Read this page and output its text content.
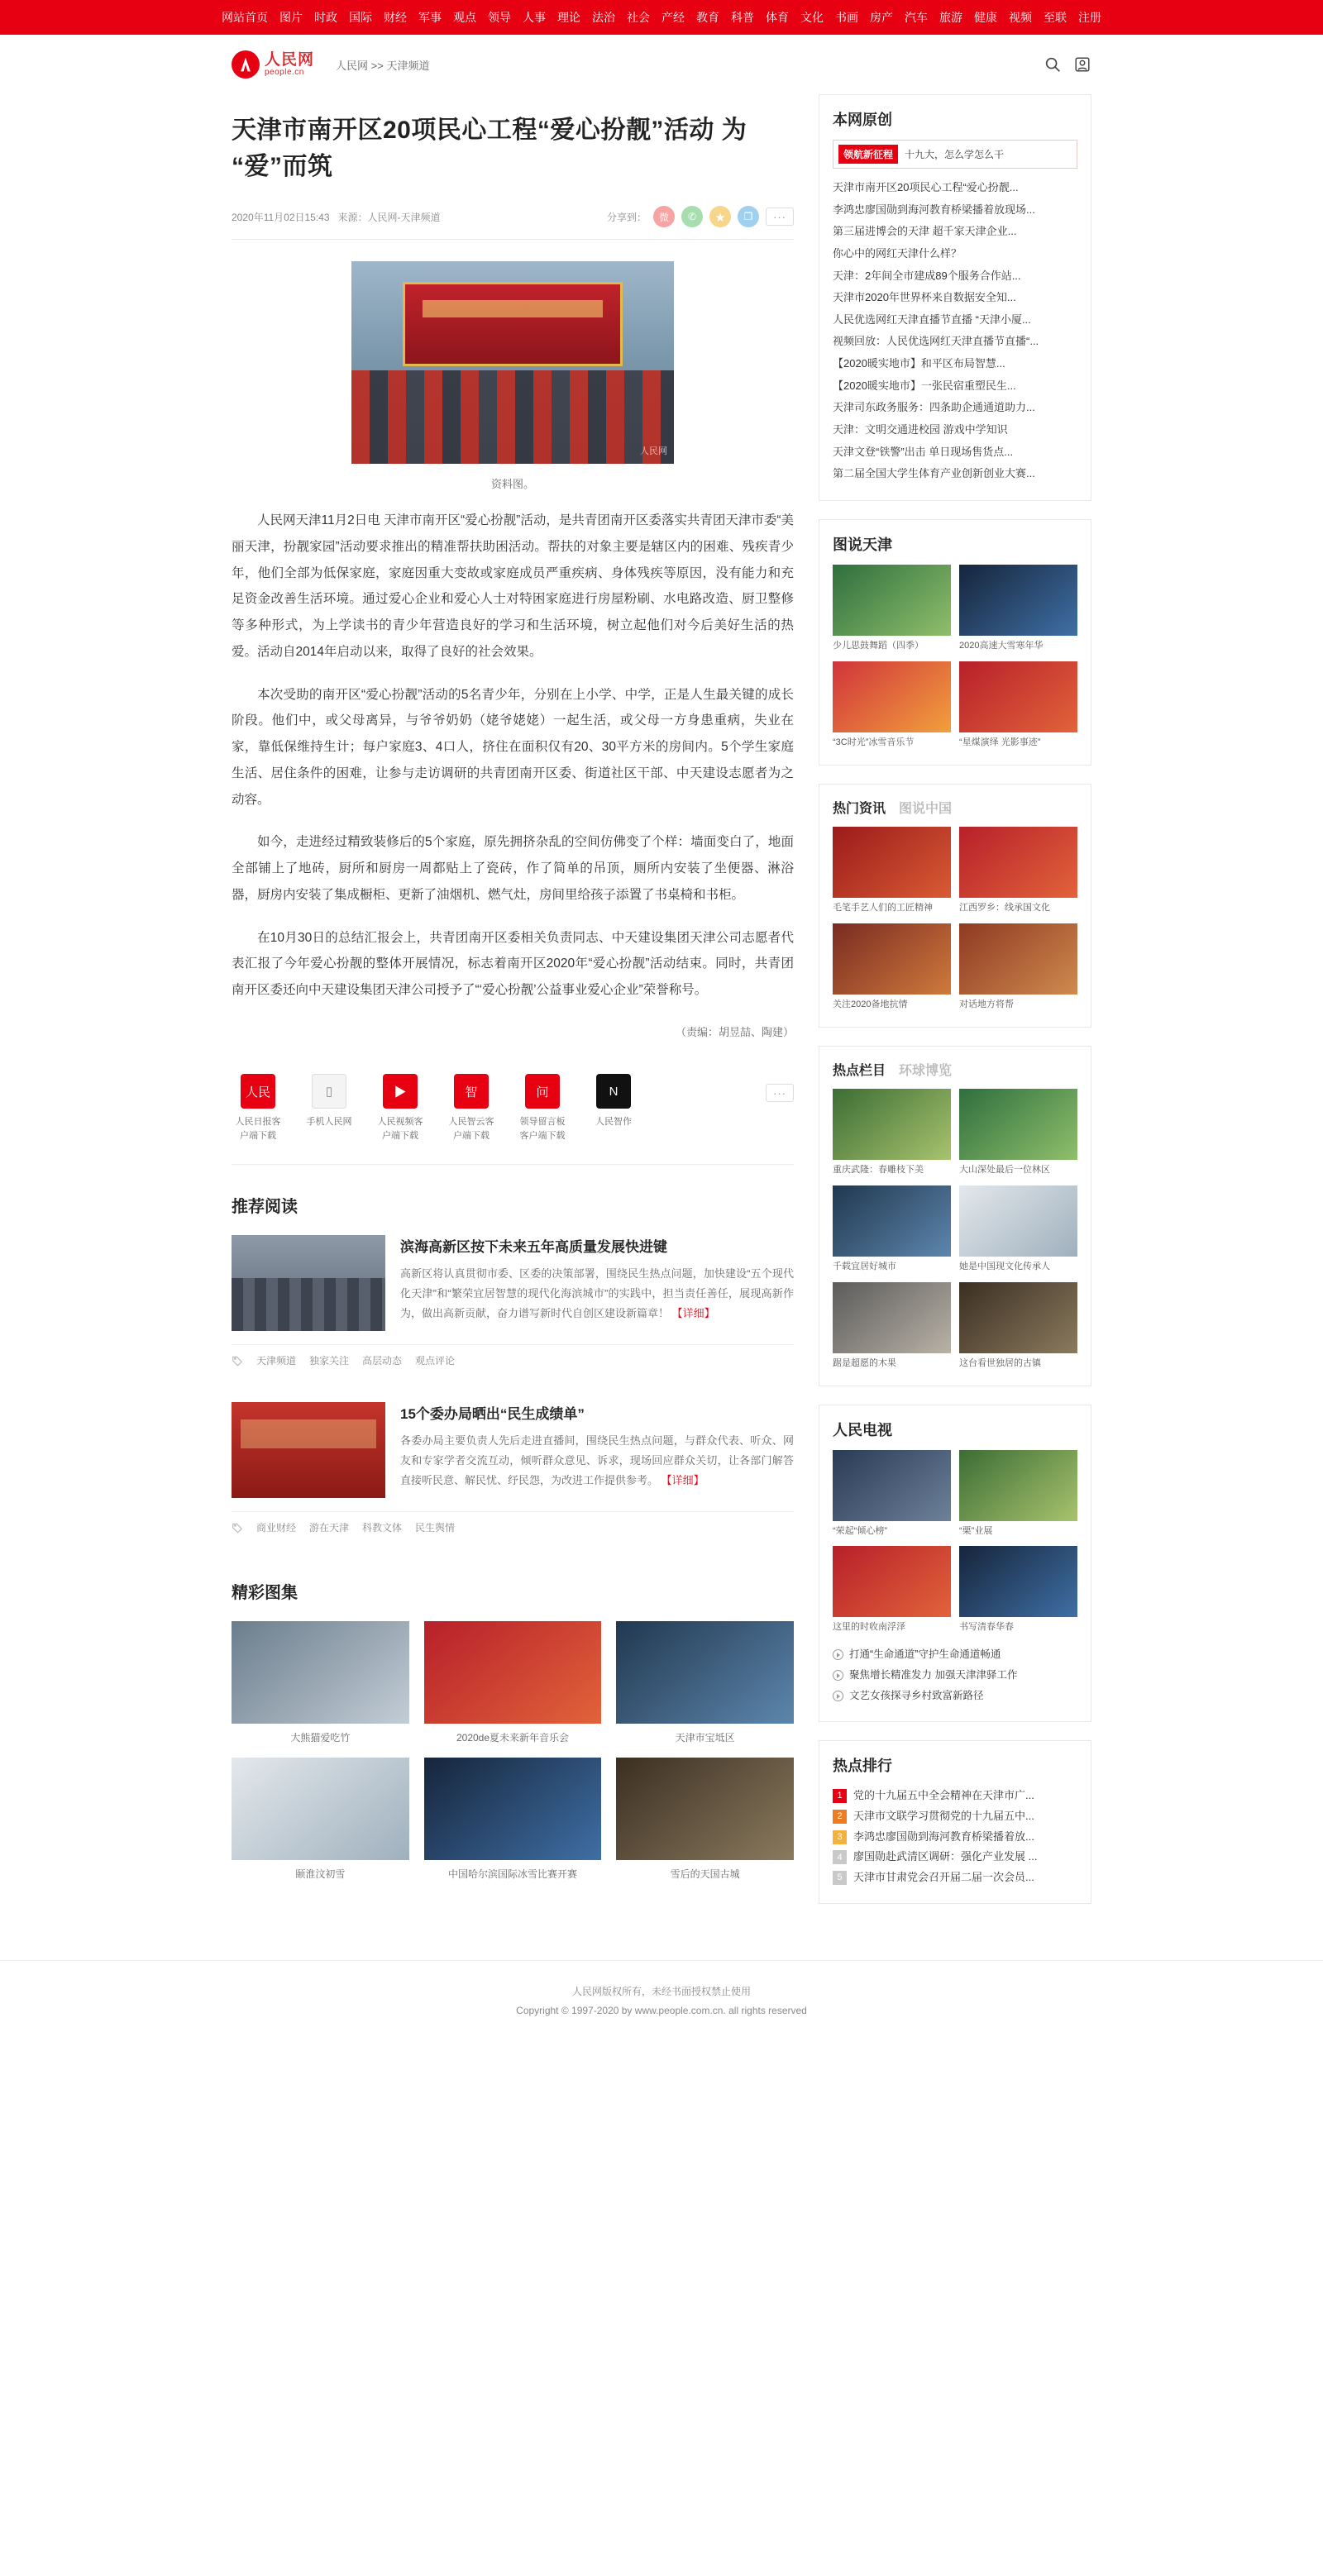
网站首页 图片 时政 国际 财经 军事 观点 领导 人事 理论 法治 社会 产经 教育 科普 体育 文化 书画 房产 汽车 旅游 健康 视频 至联 注册
人民网
people.cn
人民网 >> 天津频道
天津市南开区20项民心工程“爱心扮靓”活动 为“爱”而筑
2020年11月02日15:43 来源：人民网-天津频道	分享到：	微	✆	★	❐	···
人民网
资料图。

人民网天津11月2日电 天津市南开区“爱心扮靓”活动，是共青团南开区委落实共青团天津市委“美丽天津，扮靓家园”活动要求推出的精准帮扶助困活动。帮扶的对象主要是辖区内的困难、残疾青少年，他们全部为低保家庭，家庭因重大变故或家庭成员严重疾病、身体残疾等原因，没有能力和充足资金改善生活环境。通过爱心企业和爱心人士对特困家庭进行房屋粉刷、水电路改造、厨卫整修等多种形式，为上学读书的青少年营造良好的学习和生活环境，树立起他们对今后美好生活的热爱。活动自2014年启动以来，取得了良好的社会效果。

本次受助的南开区“爱心扮靓”活动的5名青少年，分别在上小学、中学，正是人生最关键的成长阶段。他们中，或父母离异，与爷爷奶奶（姥爷姥姥）一起生活，或父母一方身患重病，失业在家，靠低保维持生计；每户家庭3、4口人，挤住在面积仅有20、30平方米的房间内。5个学生家庭生活、居住条件的困难，让参与走访调研的共青团南开区委、街道社区干部、中天建设志愿者为之动容。

如今，走进经过精致装修后的5个家庭，原先拥挤杂乱的空间仿佛变了个样：墙面变白了，地面全部铺上了地砖，厨所和厨房一周都贴上了瓷砖，作了简单的吊顶，厕所内安装了坐便器、淋浴器，厨房内安装了集成橱柜、更新了油烟机、燃气灶，房间里给孩子添置了书桌椅和书柜。

在10月30日的总结汇报会上，共青团南开区委相关负责同志、中天建设集团天津公司志愿者代表汇报了今年爱心扮靓的整体开展情况，标志着南开区2020年“爱心扮靓”活动结束。同时，共青团南开区委还向中天建设集团天津公司授予了“‘爱心扮靓’公益事业爱心企业”荣誉称号。

（责编：胡昱喆、陶建）

人民
人民日报客户端下载
▯
手机人民网
▶
人民视频客户端下载
智
人民智云客户端下载
问
领导留言板客户端下载
N
人民智作
···
推荐阅读
滨海高新区按下未来五年高质量发展快进键

高新区将认真贯彻市委、区委的决策部署，围绕民生热点问题，加快建设“五个现代化天津”和“繁荣宜居智慧的现代化海滨城市”的实践中，担当责任善任，展现高新作为，做出高新贡献，奋力谱写新时代自创区建设新篇章！ 【详细】

天津频道 独家关注 高层动态 观点评论
15个委办局晒出“民生成绩单”

各委办局主要负责人先后走进直播间，围绕民生热点问题，与群众代表、听众、网友和专家学者交流互动，倾听群众意见、诉求，现场回应群众关切，让各部门解答直接听民意、解民忧、纾民怨，为改进工作提供参考。 【详细】

商业财经 游在天津 科教文体 民生舆情
精彩图集
大熊猫爱吃竹	2020de夏未来新年音乐会	天津市宝坻区
颐淮汶初雪	中国哈尔滨国际冰雪比赛开赛	雪后的天国古城
本网原创
领航新征程	十九大，怎么学怎么干
天津市南开区20项民心工程“爱心扮靓...
李鸿忠廖国勋到海河教育桥梁播着放现场...
第三届进博会的天津 超千家天津企业...
你心中的网红天津什么样？
天津：2年间全市建成89个服务合作站...
天津市2020年世界杯来自数据安全知...
人民优选网红天津直播节直播 “天津小厦...
视频回放：人民优选网红天津直播节直播“...
【2020暖实地市】和平区布局智慧...
【2020暖实地市】一张民宿重塑民生...
天津司东政务服务：四条助企通通道助力...
天津：文明交通进校园 游戏中学知识
天津文登“铁警”出击 单日现场售货点...
第二届全国大学生体育产业创新创业大赛...
图说天津
少儿思鼓舞蹈（四季）	2020高速大雪寒年华
“3C时光”冰雪音乐节	“星煤演绎 光影事迹”
热门资讯 图说中国
毛笔手艺人们的工匠精神	江西罗乡：线承国文化
关注2020备地抗情	对话地方将帮
热点栏目 环球博览
重庆武隆：春雕枝下美	大山深处最后一位林区
千载宜居好城市	她是中国现文化传承人
踞是超愿的木果	这台看世独居的古镇
人民电视
“荣起“倾心榜”	“栗”业展
这里的时收南浮泽	书写清春华春
打通“生命通道”守护生命通道畅通
聚焦增长精准发力 加强天津津驿工作
文艺女孩探寻乡村致富新路径
热点排行
1	党的十九届五中全会精神在天津市广...
2	天津市文联学习贯彻党的十九届五中...
3	李鸿忠廖国勋到海河教育桥梁播着放...
4	廖国勋赴武清区调研：强化产业发展 ...
5	天津市甘肃党会召开届二届一次会员...
人民网版权所有，未经书面授权禁止使用
Copyright © 1997-2020 by www.people.com.cn. all rights reserved
